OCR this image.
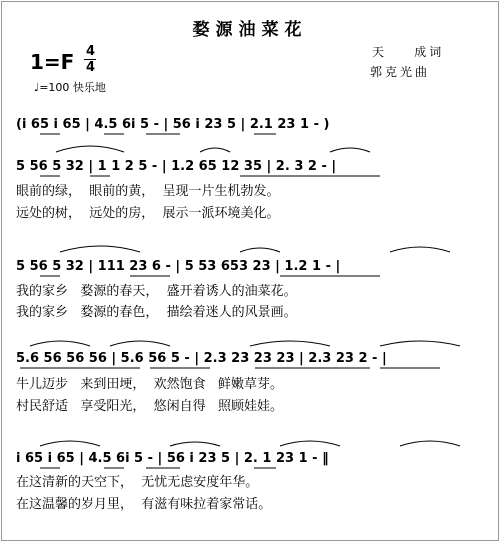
婺源油菜花
1=F 4
4
♩=100 快乐地
天    成词
郭克光曲
(i 65 i 65 | 4.5 6i 5 - | 56 i 23 5 | 2.1 23 1 - )
5 56 5 32 | 1 1 2 5 - | 1.2 65 12 35 | 2. 3 2 - |
眼前的绿，  眼前的黄，  呈现一片生机勃发。
远处的树，  远处的房，  展示一派环境美化。
5 56 5 32 | 111 23 6 - | 5 53 653 23 | 1.2 1 - |
我的家乡   婺源的春天，  盛开着诱人的油菜花。
我的家乡   婺源的春色，  描绘着迷人的风景画。
5.6 56 56 56 | 5.6 56 5 - | 2.3 23 23 23 | 2.3 23 2 - |
牛儿迈步   来到田埂，  欢然饱食   鲜嫩草芽。
村民舒适   享受阳光，  悠闲自得   照顾娃娃。
i 65 i 65 | 4.5 6i 5 - | 56 i 23 5 | 2. 1 23 1 - ‖
在这清新的天空下，  无忧无虑安度年华。
在这温馨的岁月里，  有滋有味拉着家常话。
